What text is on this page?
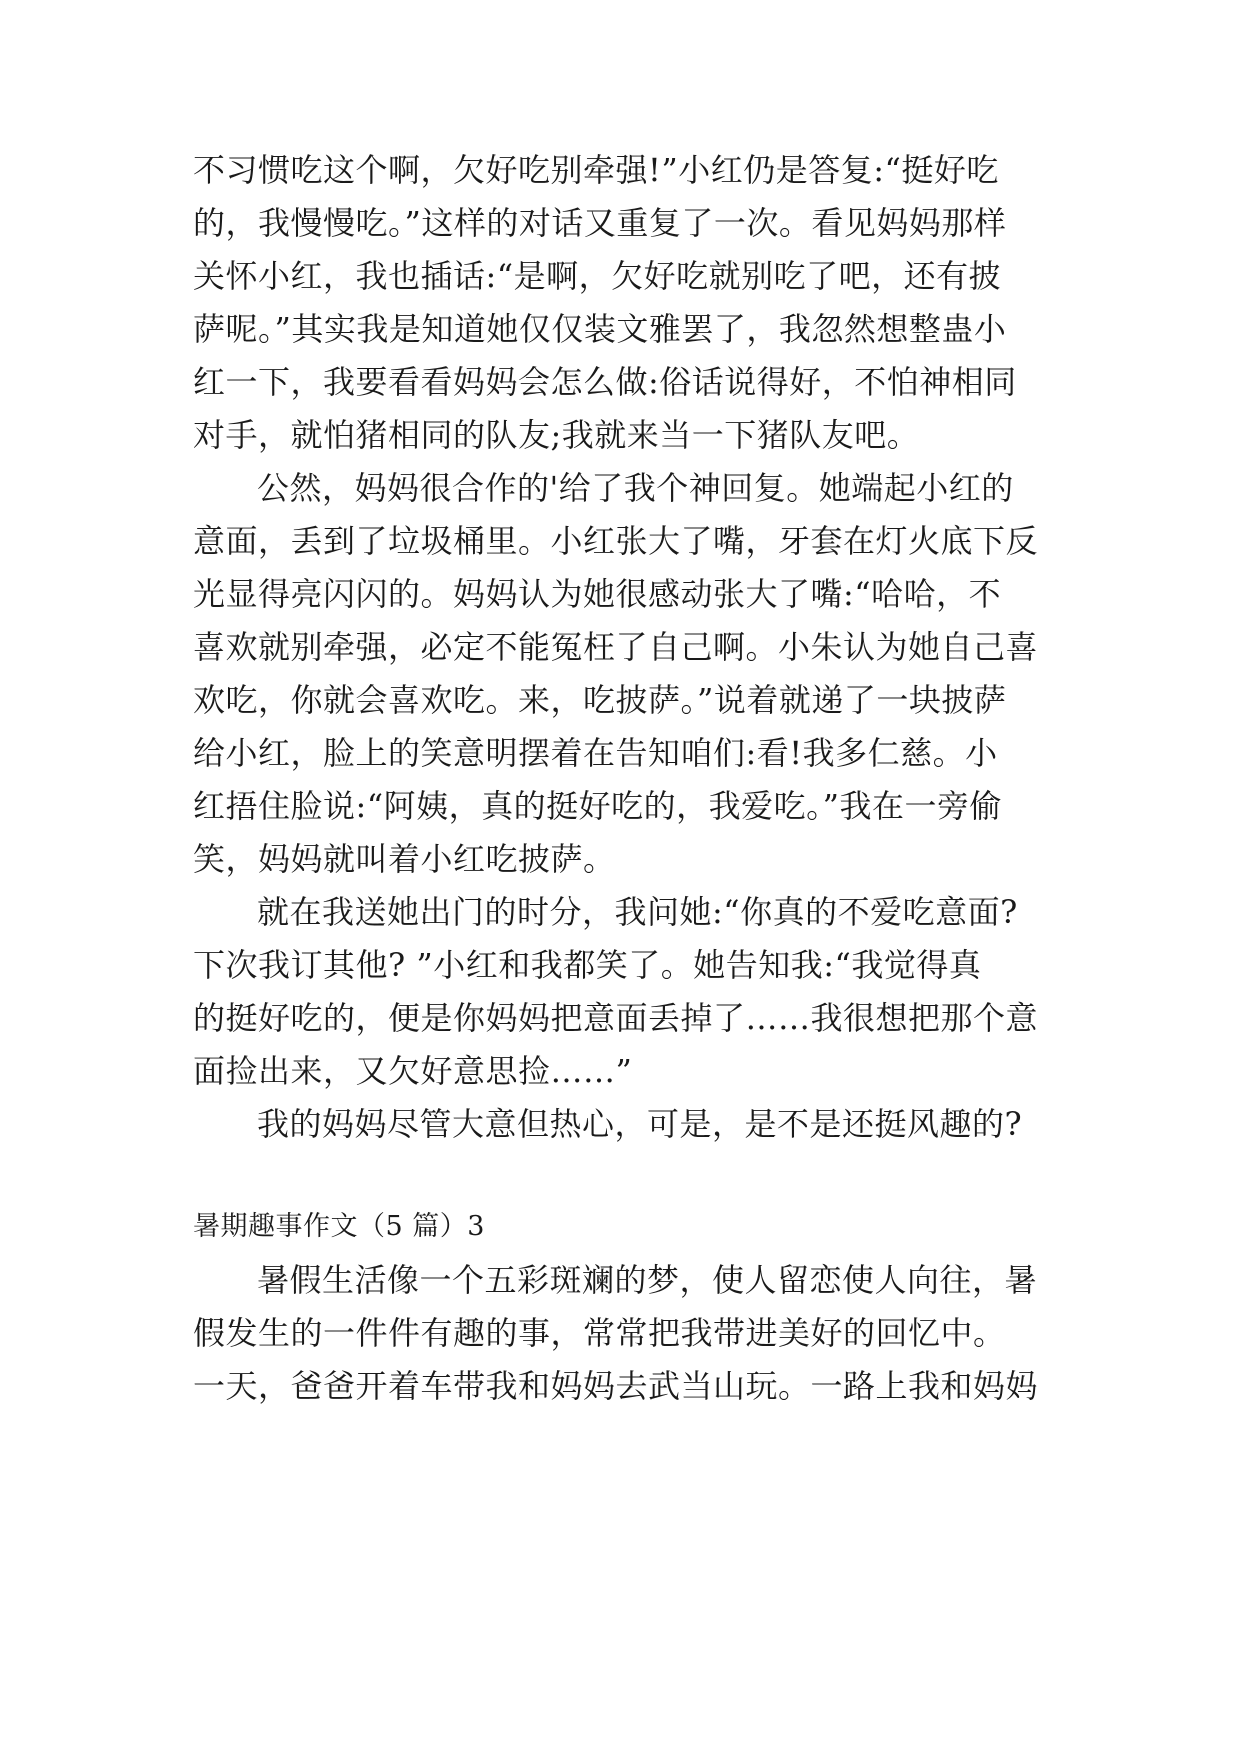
不习惯吃这个啊，欠好吃别牵强!”小红仍是答复:“挺好吃
的，我慢慢吃。”这样的对话又重复了一次。看见妈妈那样
关怀小红，我也插话:“是啊，欠好吃就别吃了吧，还有披
萨呢。”其实我是知道她仅仅装文雅罢了，我忽然想整蛊小
红一下，我要看看妈妈会怎么做:俗话说得好，不怕神相同
对手，就怕猪相同的队友;我就来当一下猪队友吧。
公然，妈妈很合作的'给了我个神回复。她端起小红的
意面，丢到了垃圾桶里。小红张大了嘴，牙套在灯火底下反
光显得亮闪闪的。妈妈认为她很感动张大了嘴:“哈哈，不
喜欢就别牵强，必定不能冤枉了自己啊。小朱认为她自己喜
欢吃，你就会喜欢吃。来，吃披萨。”说着就递了一块披萨
给小红，脸上的笑意明摆着在告知咱们:看!我多仁慈。小
红捂住脸说:“阿姨，真的挺好吃的，我爱吃。”我在一旁偷
笑，妈妈就叫着小红吃披萨。
就在我送她出门的时分，我问她:“你真的不爱吃意面?
下次我订其他? ”小红和我都笑了。她告知我:“我觉得真
的挺好吃的，便是你妈妈把意面丢掉了……我很想把那个意
面捡出来，又欠好意思捡……”
我的妈妈尽管大意但热心，可是，是不是还挺风趣的?
暑期趣事作文（5 篇）3
暑假生活像一个五彩斑斓的梦，使人留恋使人向往，暑
假发生的一件件有趣的事，常常把我带进美好的回忆中。
一天，爸爸开着车带我和妈妈去武当山玩。一路上我和妈妈
